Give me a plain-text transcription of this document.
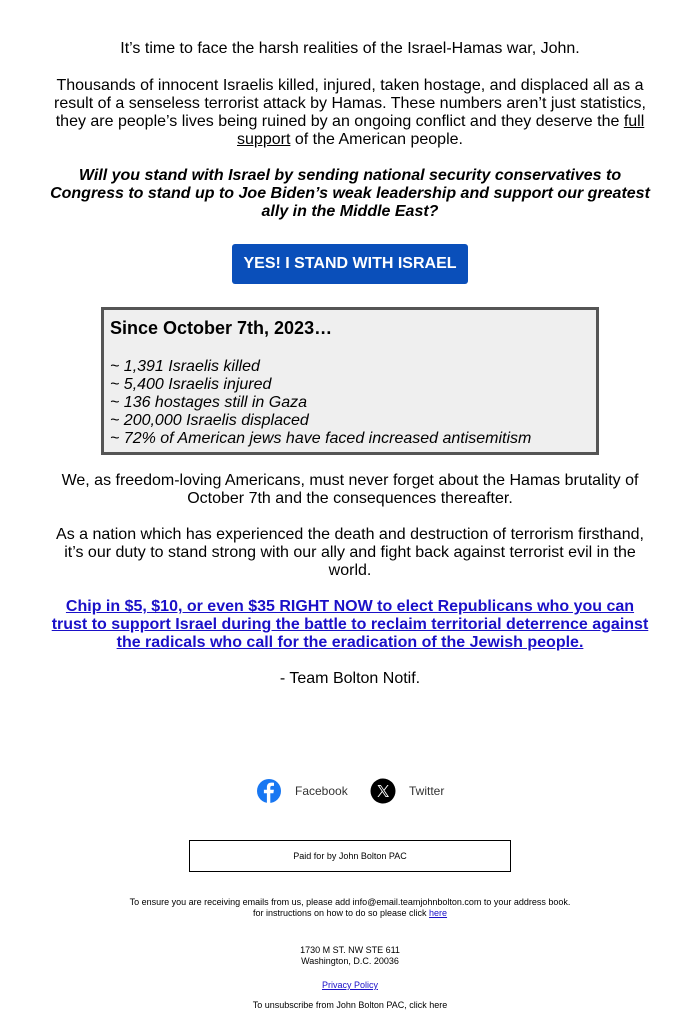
It’s time to face the harsh realities of the Israel-Hamas war, John.

Thousands of innocent Israelis killed, injured, taken hostage, and displaced all as a result of a senseless terrorist attack by Hamas. These numbers aren’t just statistics, they are people’s lives being ruined by an ongoing conflict and they deserve the full support of the American people.

Will you stand with Israel by sending national security conservatives to Congress to stand up to Joe Biden’s weak leadership and support our greatest ally in the Middle East?

YES! I STAND WITH ISRAEL
Since October 7th, 2023…
~ 1,391 Israelis killed
~ 5,400 Israelis injured
~ 136 hostages still in Gaza
~ 200,000 Israelis displaced
~ 72% of American jews have faced increased antisemitism

We, as freedom-loving Americans, must never forget about the Hamas brutality of October 7th and the consequences thereafter.

As a nation which has experienced the death and destruction of terrorism firsthand, it’s our duty to stand strong with our ally and fight back against terrorist evil in the world.

Chip in $5, $10, or even $35 RIGHT NOW to elect Republicans who you can trust to support Israel during the battle to reclaim territorial deterrence against the radicals who call for the eradication of the Jewish people.

- Team Bolton Notif.

Facebook	Twitter
Paid for by John Bolton PAC

To ensure you are receiving emails from us, please add info@email.teamjohnbolton.com to your address book.
for instructions on how to do so please click here

1730 M ST. NW STE 611
Washington, D.C. 20036

Privacy Policy

To unsubscribe from John Bolton PAC, click here
